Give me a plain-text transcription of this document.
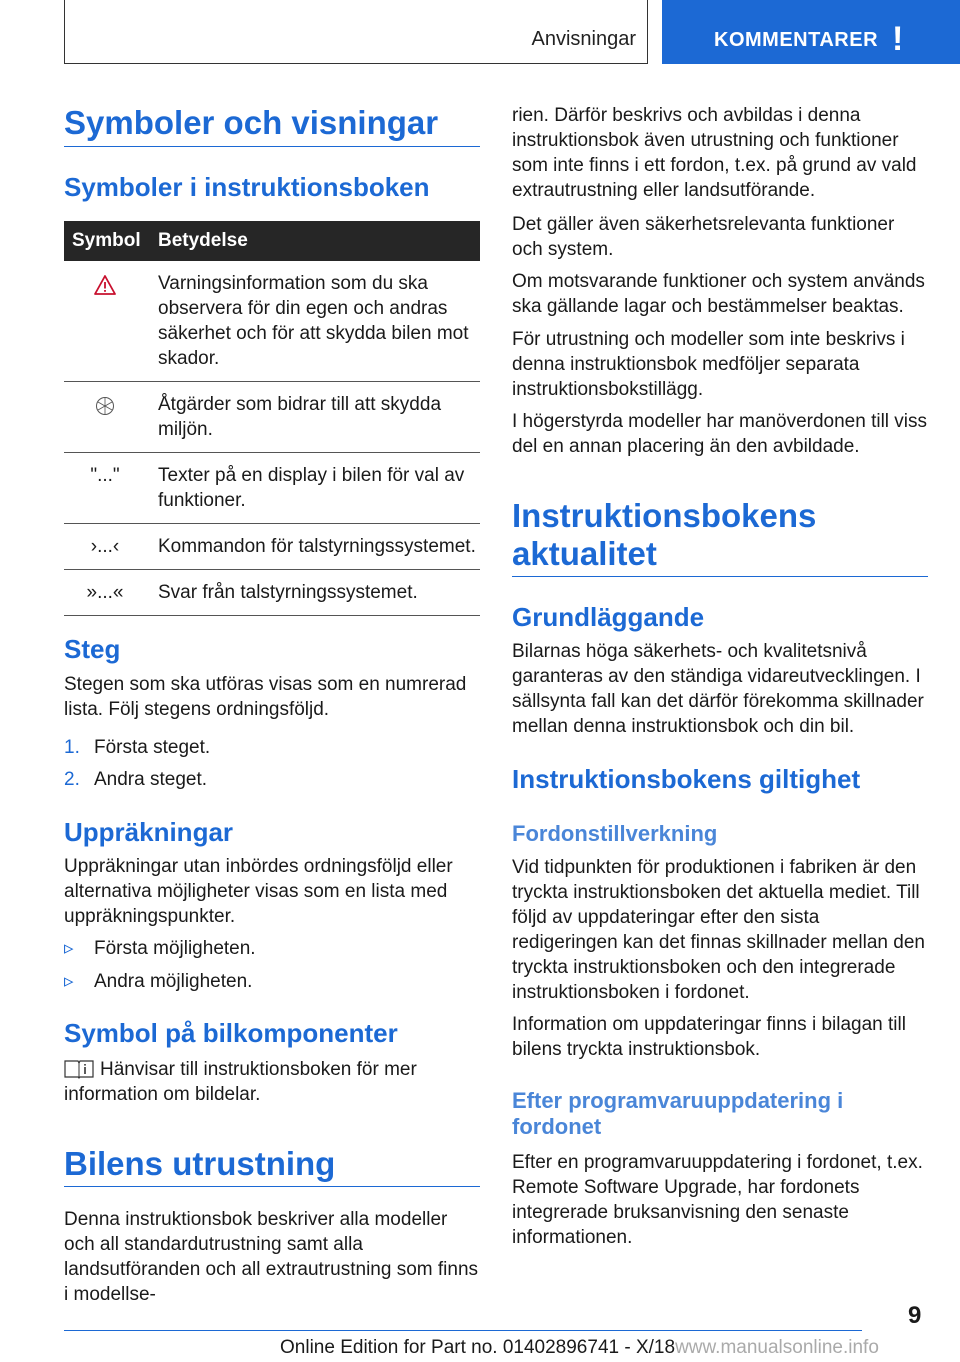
Anvisningar	KOMMENTARER !
Symboler och visningar
Symboler i instruktionsboken
Symbol	Betydelse
	Varningsinformation som du ska observera för din egen och andras säkerhet och för att skydda bilen mot skador.
	Åtgärder som bidrar till att skydda miljön.
"..."	Texter på en display i bilen för val av funktioner.
›...‹	Kommandon för talstyrningssystemet.
»...«	Svar från talstyrningssystemet.
Steg

Stegen som ska utföras visas som en numrerad lista. Följ stegens ordningsföljd.

1. Första steget.
2. Andra steget.
Uppräkningar

Uppräkningar utan inbördes ordningsföljd eller alternativa möjligheter visas som en lista med uppräkningspunkter.

▹ Första möjligheten.
▹ Andra möjligheten.
Symbol på bilkomponenter

Hänvisar till instruktionsboken för mer information om bildelar.

Bilens utrustning

Denna instruktionsbok beskriver alla modeller och all standardutrustning samt alla landsutföranden och all extrautrustning som finns i modellse-

rien. Därför beskrivs och avbildas i denna instruktionsbok även utrustning och funktioner som inte finns i ett fordon, t.ex. på grund av vald extrautrustning eller landsutförande.

Det gäller även säkerhetsrelevanta funktioner och system.

Om motsvarande funktioner och system används ska gällande lagar och bestämmelser beaktas.

För utrustning och modeller som inte beskrivs i denna instruktionsbok medföljer separata instruktionsbokstillägg.

I högerstyrda modeller har manöverdonen till viss del en annan placering än den avbildade.

Instruktionsbokens aktualitet
Grundläggande

Bilarnas höga säkerhets- och kvalitetsnivå garanteras av den ständiga vidareutvecklingen. I sällsynta fall kan det därför förekomma skillnader mellan denna instruktionsbok och din bil.

Instruktionsbokens giltighet
Fordonstillverkning

Vid tidpunkten för produktionen i fabriken är den tryckta instruktionsboken det aktuella mediet. Till följd av uppdateringar efter den sista redigeringen kan det finnas skillnader mellan den tryckta instruktionsboken och den integrerade instruktionsboken i fordonet.

Information om uppdateringar finns i bilagan till bilens tryckta instruktionsbok.

Efter programvaruuppdatering i fordonet

Efter en programvaruuppdatering i fordonet, t.ex. Remote Software Upgrade, har fordonets integrerade bruksanvisning den senaste informationen.

9
Online Edition for Part no. 01402896741 - X/18www.manualsonline.info
